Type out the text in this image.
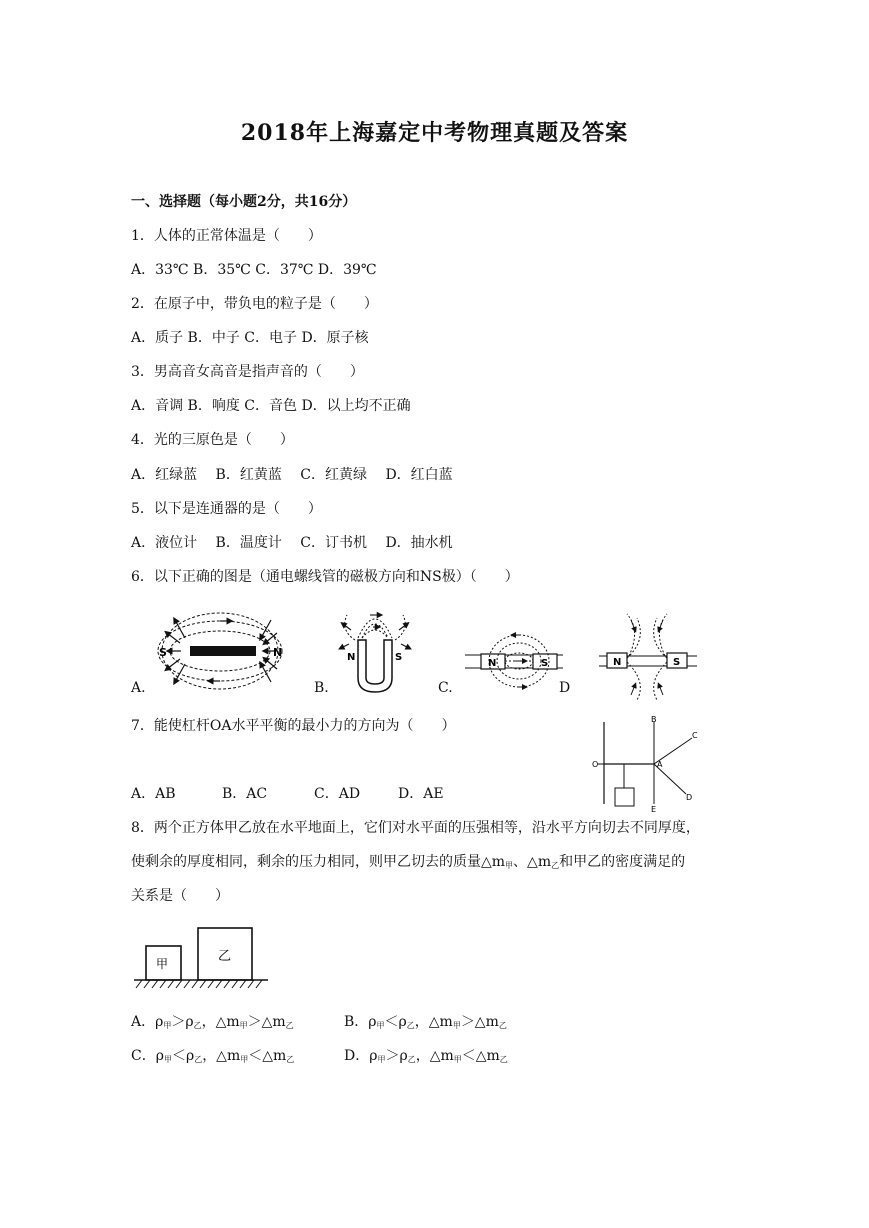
2018年上海嘉定中考物理真题及答案
一、选择题（每小题2分，共16分）
1．人体的正常体温是（　　）
A．33℃ B．35℃ C．37℃ D．39℃
2．在原子中，带负电的粒子是（　　）
A．质子 B．中子 C．电子 D．原子核
3．男高音女高音是指声音的（　　）
A．音调 B．响度 C．音色 D．以上均不正确
4．光的三原色是（　　）
A．红绿蓝　 B．红黄蓝　 C．红黄绿　 D．红白蓝
5．以下是连通器的是（　　）
A．液位计　 B．温度计　 C．订书机　 D．抽水机
6．以下正确的图是（通电螺线管的磁极方向和NS极）（　　）
S	N	N	S
N	S	N	S
A.	B.	C.	D
7．能使杠杆OA水平平衡的最小力的方向为（　　）
O	A
B
C
D
E
A．AB	B．AC	C．AD	D．AE
8．两个正方体甲乙放在水平地面上，它们对水平面的压强相等，沿水平方向切去不同厚度，
使剩余的厚度相同，剩余的压力相同，则甲乙切去的质量$\triangle m_甲$、$\triangle m_乙$和甲乙的密度满足的
关系是（　　）
甲	乙
A．$\rho_甲>\rho_乙$，$\triangle m_甲>\triangle m_乙$	B．$\rho_甲<\rho_乙$，$\triangle m_甲>\triangle m_乙$
C．$\rho_甲<\rho_乙$，$\triangle m_甲<\triangle m_乙$	D．$\rho_甲>\rho_乙$，$\triangle m_甲<\triangle m_乙$
